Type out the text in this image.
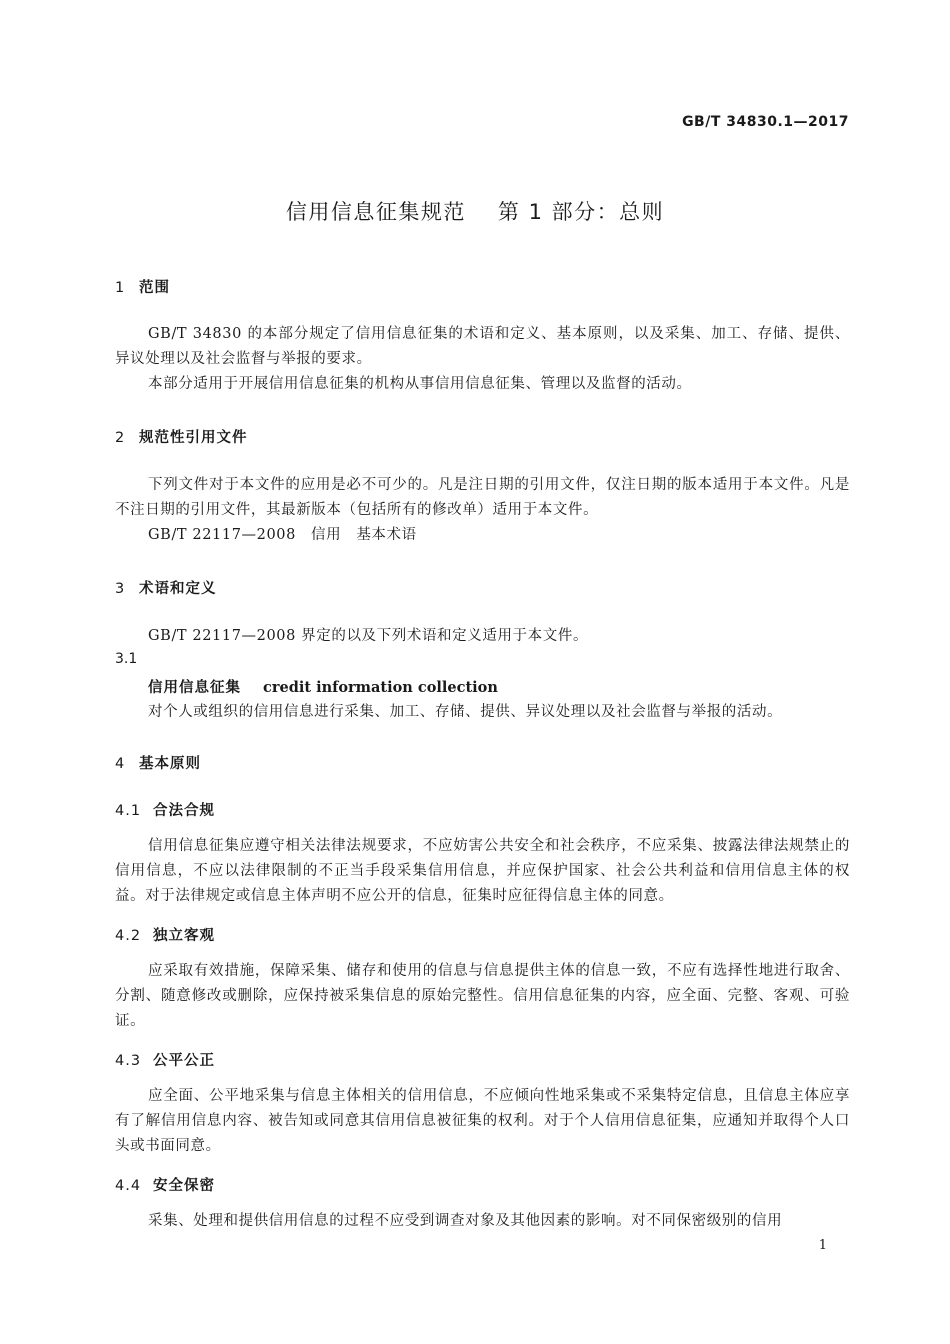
GB/T 34830.1—2017
信用信息征集规范 第 1 部分：总则
1 范围
GB/T 34830 的本部分规定了信用信息征集的术语和定义、基本原则，以及采集、加工、存储、提供、异议处理以及社会监督与举报的要求。
本部分适用于开展信用信息征集的机构从事信用信息征集、管理以及监督的活动。
2 规范性引用文件
下列文件对于本文件的应用是必不可少的。凡是注日期的引用文件，仅注日期的版本适用于本文件。凡是不注日期的引用文件，其最新版本（包括所有的修改单）适用于本文件。
GB/T 22117—2008　信用　基本术语
3 术语和定义
GB/T 22117—2008 界定的以及下列术语和定义适用于本文件。
3.1
信用信息征集 credit information collection
对个人或组织的信用信息进行采集、加工、存储、提供、异议处理以及社会监督与举报的活动。
4 基本原则
4.1 合法合规
信用信息征集应遵守相关法律法规要求，不应妨害公共安全和社会秩序，不应采集、披露法律法规禁止的信用信息，不应以法律限制的不正当手段采集信用信息，并应保护国家、社会公共利益和信用信息主体的权益。对于法律规定或信息主体声明不应公开的信息，征集时应征得信息主体的同意。
4.2 独立客观
应采取有效措施，保障采集、储存和使用的信息与信息提供主体的信息一致，不应有选择性地进行取舍、分割、随意修改或删除，应保持被采集信息的原始完整性。信用信息征集的内容，应全面、完整、客观、可验证。
4.3 公平公正
应全面、公平地采集与信息主体相关的信用信息，不应倾向性地采集或不采集特定信息，且信息主体应享有了解信用信息内容、被告知或同意其信用信息被征集的权利。对于个人信用信息征集，应通知并取得个人口头或书面同意。
4.4 安全保密
采集、处理和提供信用信息的过程不应受到调查对象及其他因素的影响。对不同保密级别的信用
1
